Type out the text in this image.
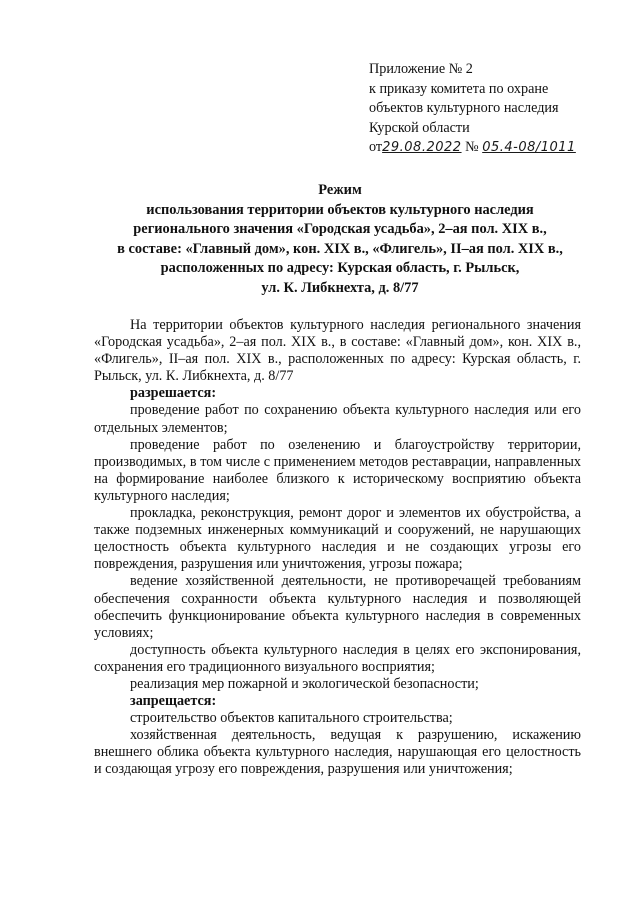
Приложение № 2
к приказу комитета по охране
объектов культурного наследия
Курской области
от29.08.2022 № 05.4-08/1011
Режим
использования территории объектов культурного наследия
регионального значения «Городская усадьба», 2–ая пол. XIX в.,
в составе: «Главный дом», кон. XIX в., «Флигель», II–ая пол. XIX в.,
расположенных по адресу: Курская область, г. Рыльск,
ул. К. Либкнехта, д. 8/77

На территории объектов культурного наследия регионального значения «Городская усадьба», 2–ая пол. XIX в., в составе: «Главный дом», кон. XIX в., «Флигель», II–ая пол. XIX в., расположенных по адресу: Курская область, г. Рыльск, ул. К. Либкнехта, д. 8/77

разрешается:

проведение работ по сохранению объекта культурного наследия или его отдельных элементов;

проведение работ по озеленению и благоустройству территории, производимых, в том числе с применением методов реставрации, направленных на формирование наиболее близкого к историческому восприятию объекта культурного наследия;

прокладка, реконструкция, ремонт дорог и элементов их обустройства, а также подземных инженерных коммуникаций и сооружений, не нарушающих целостность объекта культурного наследия и не создающих угрозы его повреждения, разрушения или уничтожения, угрозы пожара;

ведение хозяйственной деятельности, не противоречащей требованиям обеспечения сохранности объекта культурного наследия и позволяющей обеспечить функционирование объекта культурного наследия в современных условиях;

доступность объекта культурного наследия в целях его экспонирования, сохранения его традиционного визуального восприятия;

реализация мер пожарной и экологической безопасности;

запрещается:

строительство объектов капитального строительства;

хозяйственная деятельность, ведущая к разрушению, искажению внешнего облика объекта культурного наследия, нарушающая его целостность и создающая угрозу его повреждения, разрушения или уничтожения;
